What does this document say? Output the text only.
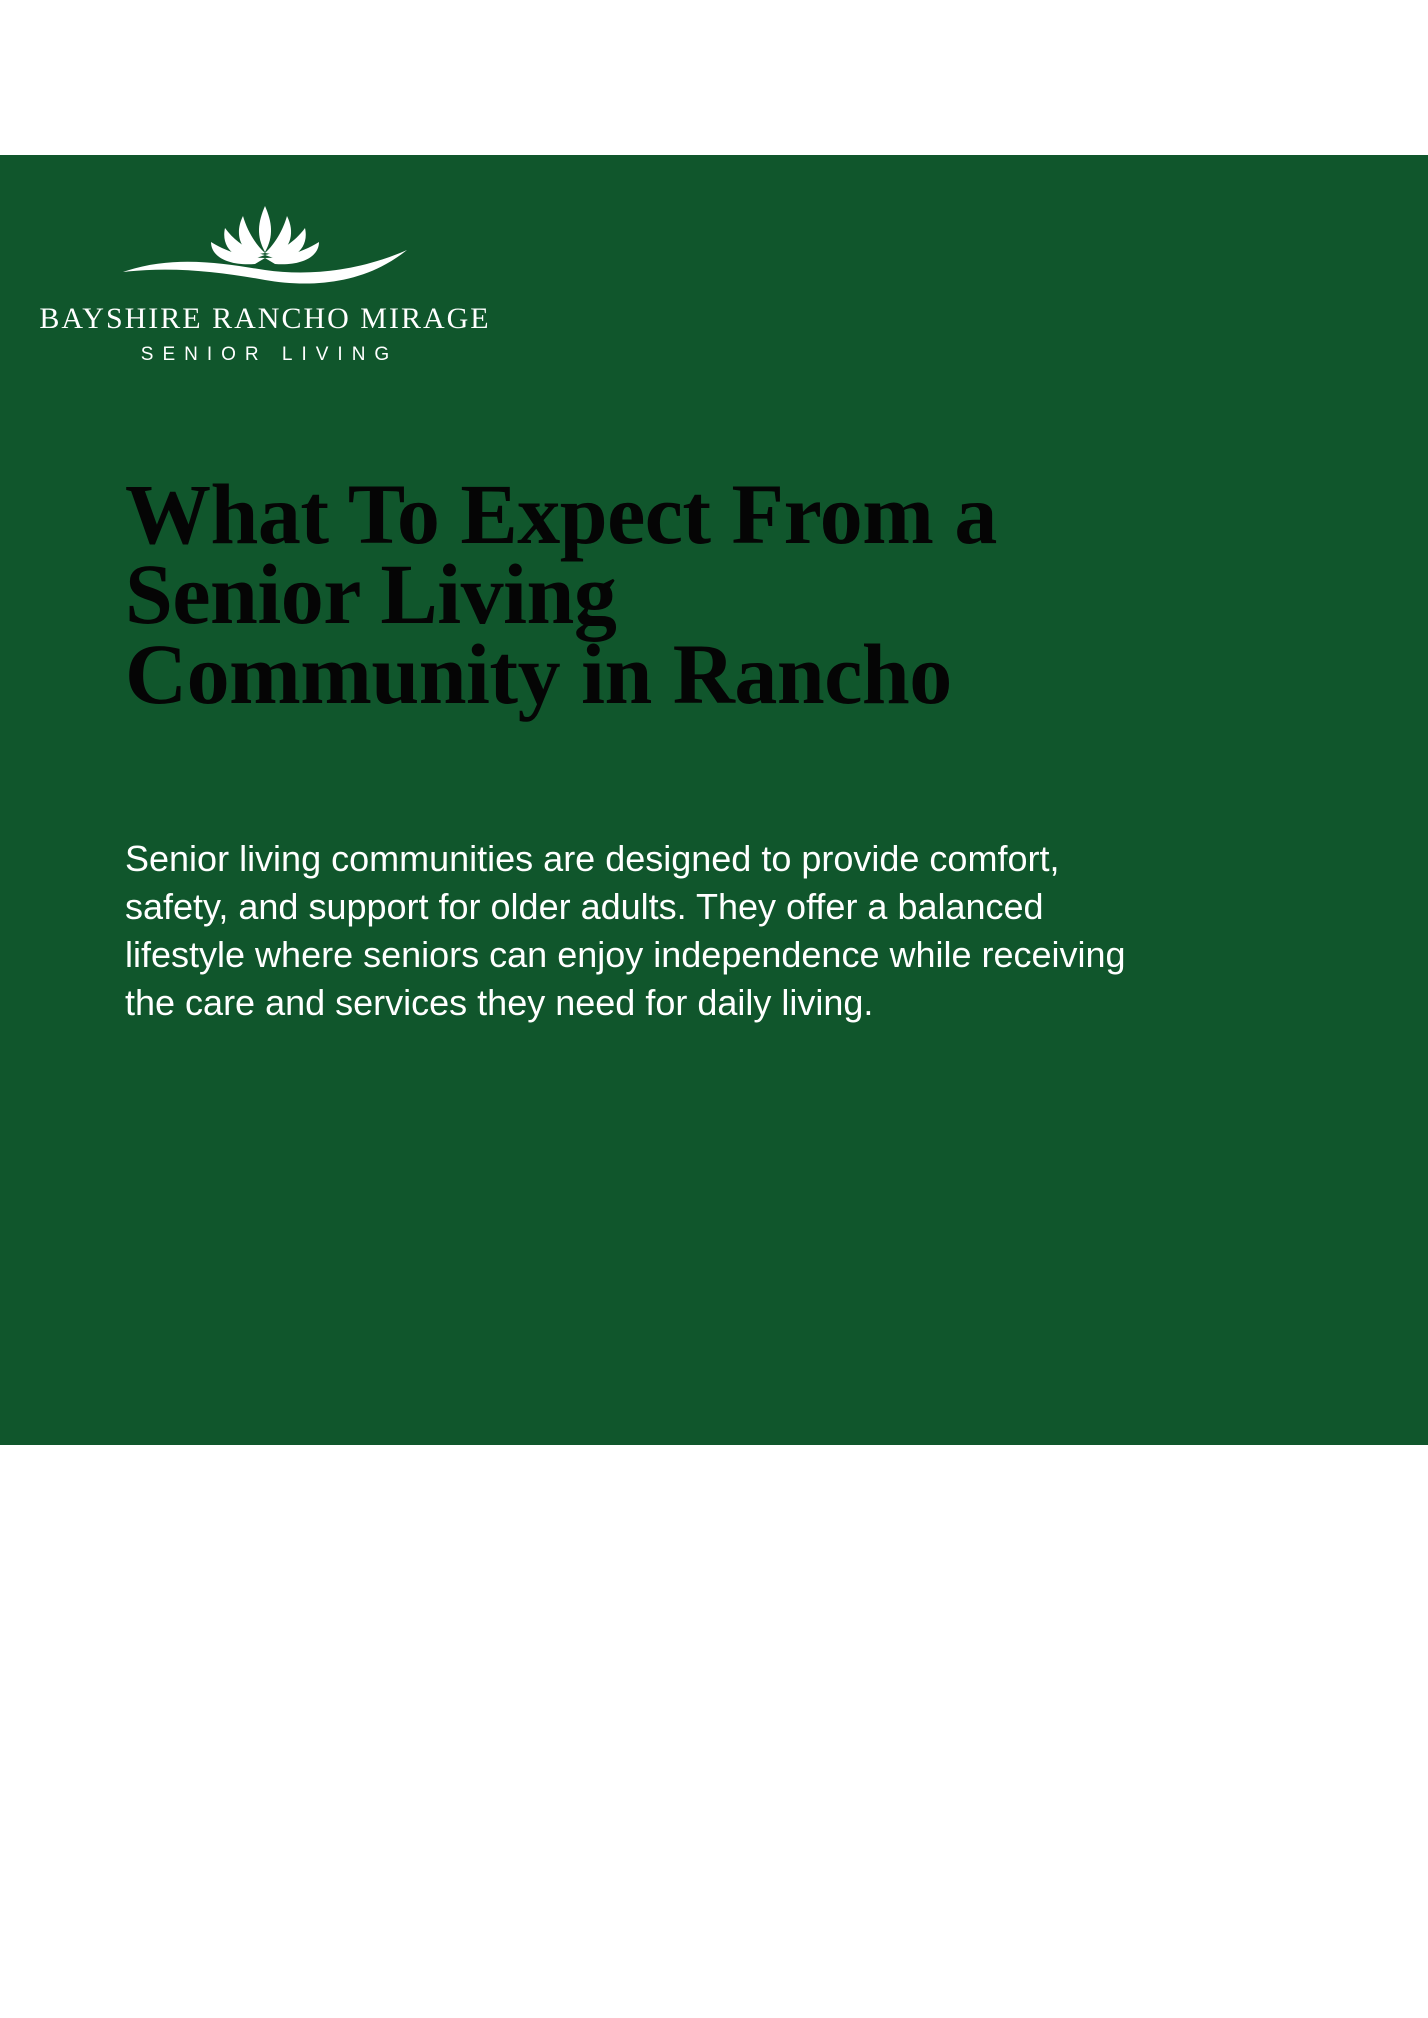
BAYSHIRE RANCHO MIRAGE
SENIOR LIVING
What To Expect From a
Senior Living
Community in Rancho

Senior living communities are designed to provide comfort,

safety, and support for older adults. They offer a balanced

lifestyle where seniors can enjoy independence while receiving

the care and services they need for daily living.
